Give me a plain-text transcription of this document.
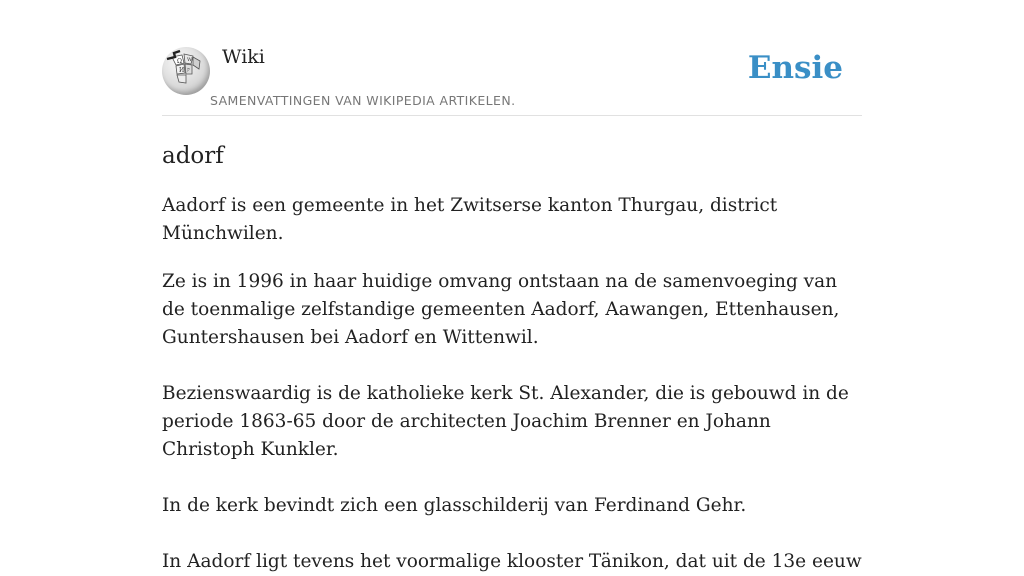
Ω W
И ק
Wiki
SAMENVATTINGEN VAN WIKIPEDIA ARTIKELEN.
Ensie
adorf

Aadorf is een gemeente in het Zwitserse kanton Thurgau, district Münchwilen.

Ze is in 1996 in haar huidige omvang ontstaan na de samenvoeging van de toenmalige zelfstandige gemeenten Aadorf, Aawangen, Ettenhausen, Guntershausen bei Aadorf en Wittenwil.

Bezienswaardig is de katholieke kerk St. Alexander, die is gebouwd in de periode 1863-65 door de architecten Joachim Brenner en Johann Christoph Kunkler.

In de kerk bevindt zich een glasschilderij van Ferdinand Gehr.

In Aadorf ligt tevens het voormalige klooster Tänikon, dat uit de 13e eeuw
